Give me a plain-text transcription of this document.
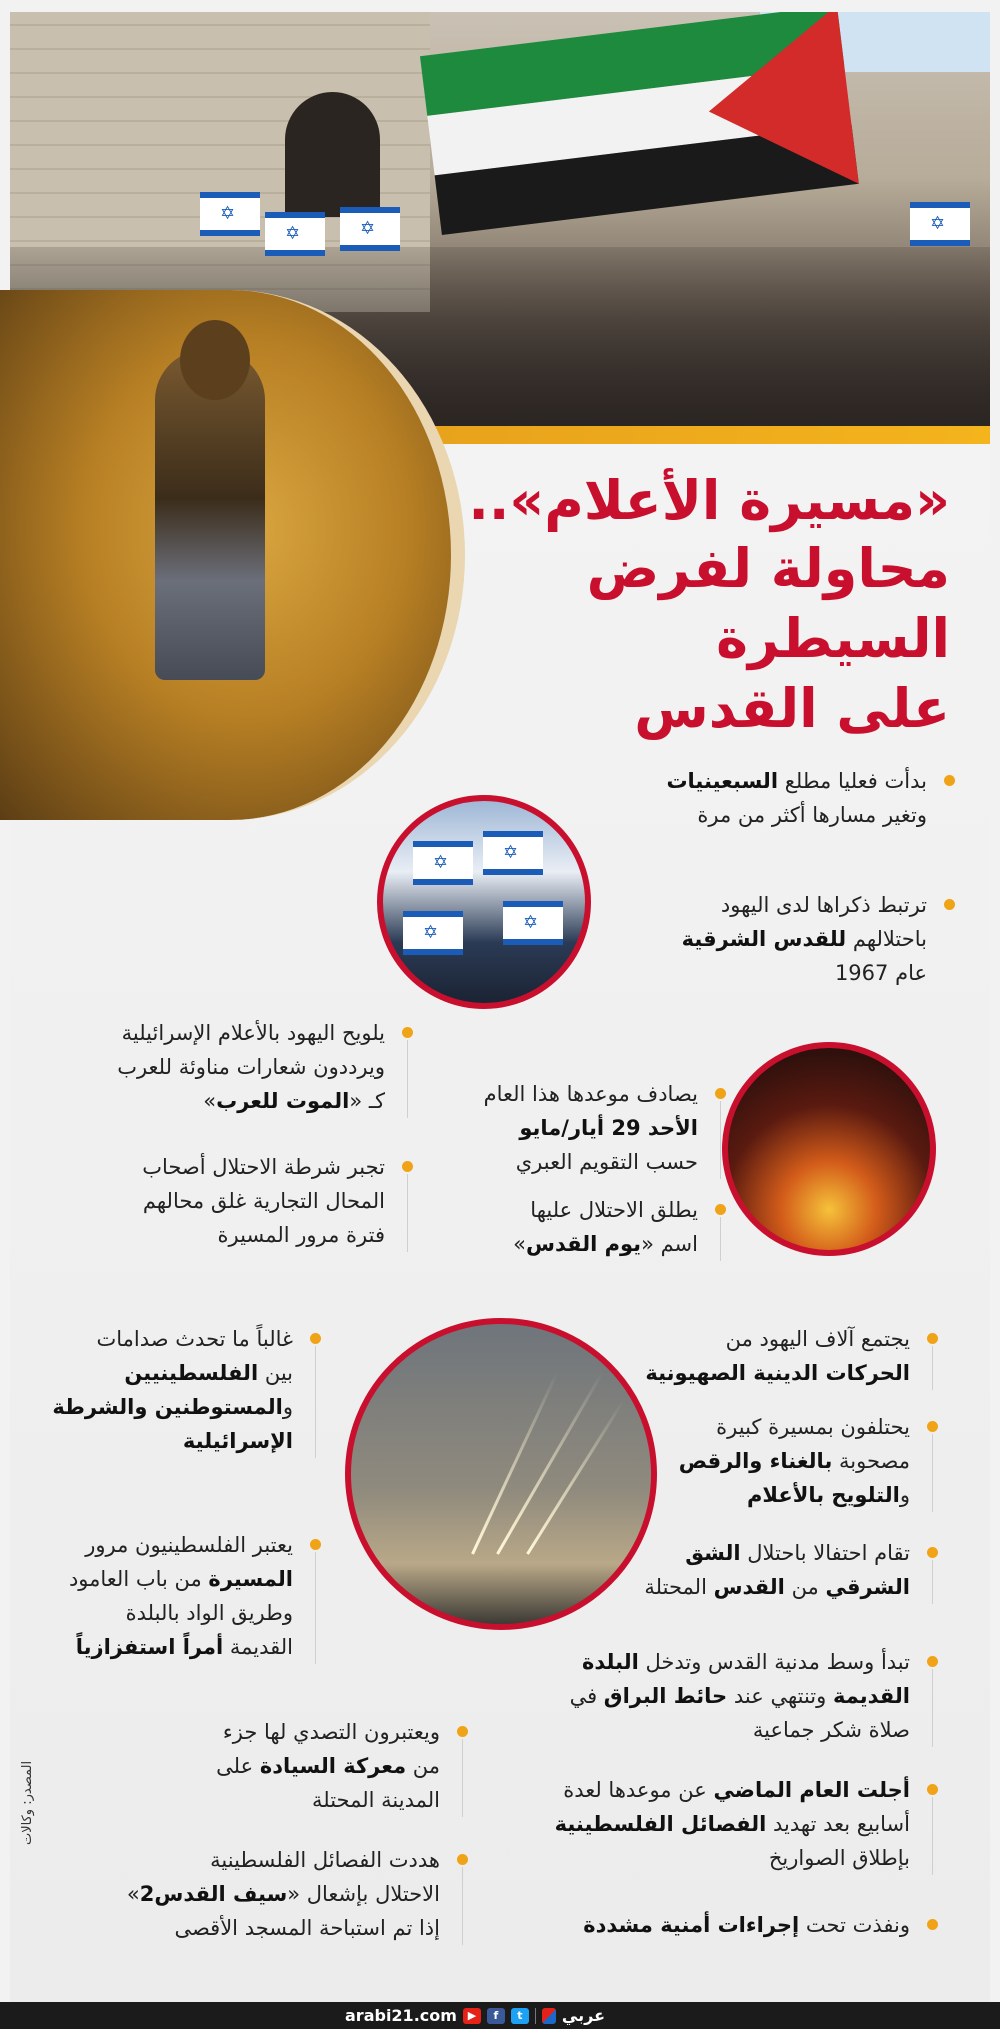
✡
✡
✡
✡
«مسيرة الأعلام»..
محاولة لفرض السيطرة
على القدس
✡
✡
✡
✡
بدأت فعليا مطلع السبعينيات
وتغير مسارها أكثر من مرة
ترتبط ذكراها لدى اليهود
باحتلالهم للقدس الشرقية
عام 1967
يلويح اليهود بالأعلام الإسرائيلية
ويرددون شعارات مناوئة للعرب
كـ «الموت للعرب»
تجبر شرطة الاحتلال أصحاب
المحال التجارية غلق محالهم
فترة مرور المسيرة
يصادف موعدها هذا العام
الأحد 29 أيار/مايو
حسب التقويم العبري
يطلق الاحتلال عليها
اسم «يوم القدس»
غالباً ما تحدث صدامات
بين الفلسطينيين
والمستوطنين والشرطة
الإسرائيلية
يعتبر الفلسطينيون مرور
المسيرة من باب العامود
وطريق الواد بالبلدة
القديمة أمراً استفزازياً
ويعتبرون التصدي لها جزء
من معركة السيادة على
المدينة المحتلة
هددت الفصائل الفلسطينية
الاحتلال بإشعال «سيف القدس2»
إذا تم استباحة المسجد الأقصى
يجتمع آلاف اليهود من
الحركات الدينية الصهيونية
يحتلفون بمسيرة كبيرة
مصحوبة بالغناء والرقص
والتلويح بالأعلام
تقام احتفالا باحتلال الشق
الشرقي من القدس المحتلة
تبدأ وسط مدنية القدس وتدخل البلدة
القديمة وتنتهي عند حائط البراق في
صلاة شكر جماعية
أجلت العام الماضي عن موعدها لعدة
أسابيع بعد تهديد الفصائل الفلسطينية
بإطلاق الصواريخ
ونفذت تحت إجراءات أمنية مشددة
المصدر: وكالات
arabi21.com ▶	f	t	عربي
